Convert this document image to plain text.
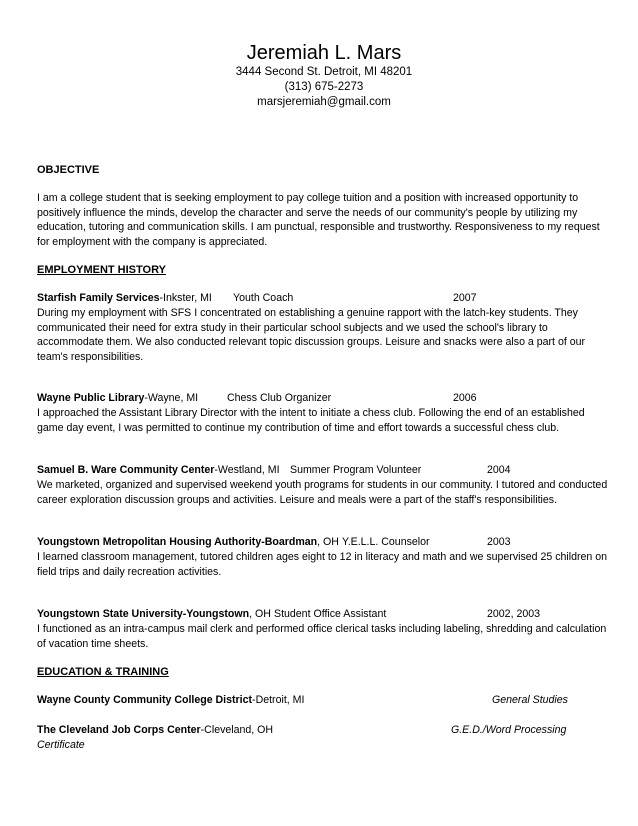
Jeremiah L. Mars
3444 Second St. Detroit, MI 48201
(313) 675-2273
marsjeremiah@gmail.com
OBJECTIVE
I am a college student that is seeking employment to pay college tuition and a position with increased opportunity to positively influence the minds, develop the character and serve the needs of our community's people by utilizing my education, tutoring and communication skills. I am punctual, responsible and trustworthy. Responsiveness to my request for employment with the company is appreciated.
EMPLOYMENT HISTORY
Starfish Family Services-Inkster, MI Youth Coach	2007
During my employment with SFS I concentrated on establishing a genuine rapport with the latch-key students. They communicated their need for extra study in their particular school subjects and we used the school's library to accommodate them. We also conducted relevant topic discussion groups. Leisure and snacks were also a part of our team's responsibilities.
Wayne Public Library-Wayne, MI	Chess Club Organizer	2006
I approached the Assistant Library Director with the intent to initiate a chess club. Following the end of an established game day event, I was permitted to continue my contribution of time and effort towards a successful chess club.
Samuel B. Ware Community Center-Westland, MI Summer Program Volunteer	2004
We marketed, organized and supervised weekend youth programs for students in our community. I tutored and conducted career exploration discussion groups and activities. Leisure and meals were a part of the staff's responsibilities.
Youngstown Metropolitan Housing Authority-Boardman, OH Y.E.L.L. Counselor	2003
I learned classroom management, tutored children ages eight to 12 in literacy and math and we supervised 25 children on field trips and daily recreation activities.
Youngstown State University-Youngstown, OH Student Office Assistant	2002, 2003
I functioned as an intra-campus mail clerk and performed office clerical tasks including labeling, shredding and calculation of vacation time sheets.
EDUCATION & TRAINING
Wayne County Community College District-Detroit, MI	General Studies
The Cleveland Job Corps Center-Cleveland, OH	G.E.D./Word Processing
Certificate
